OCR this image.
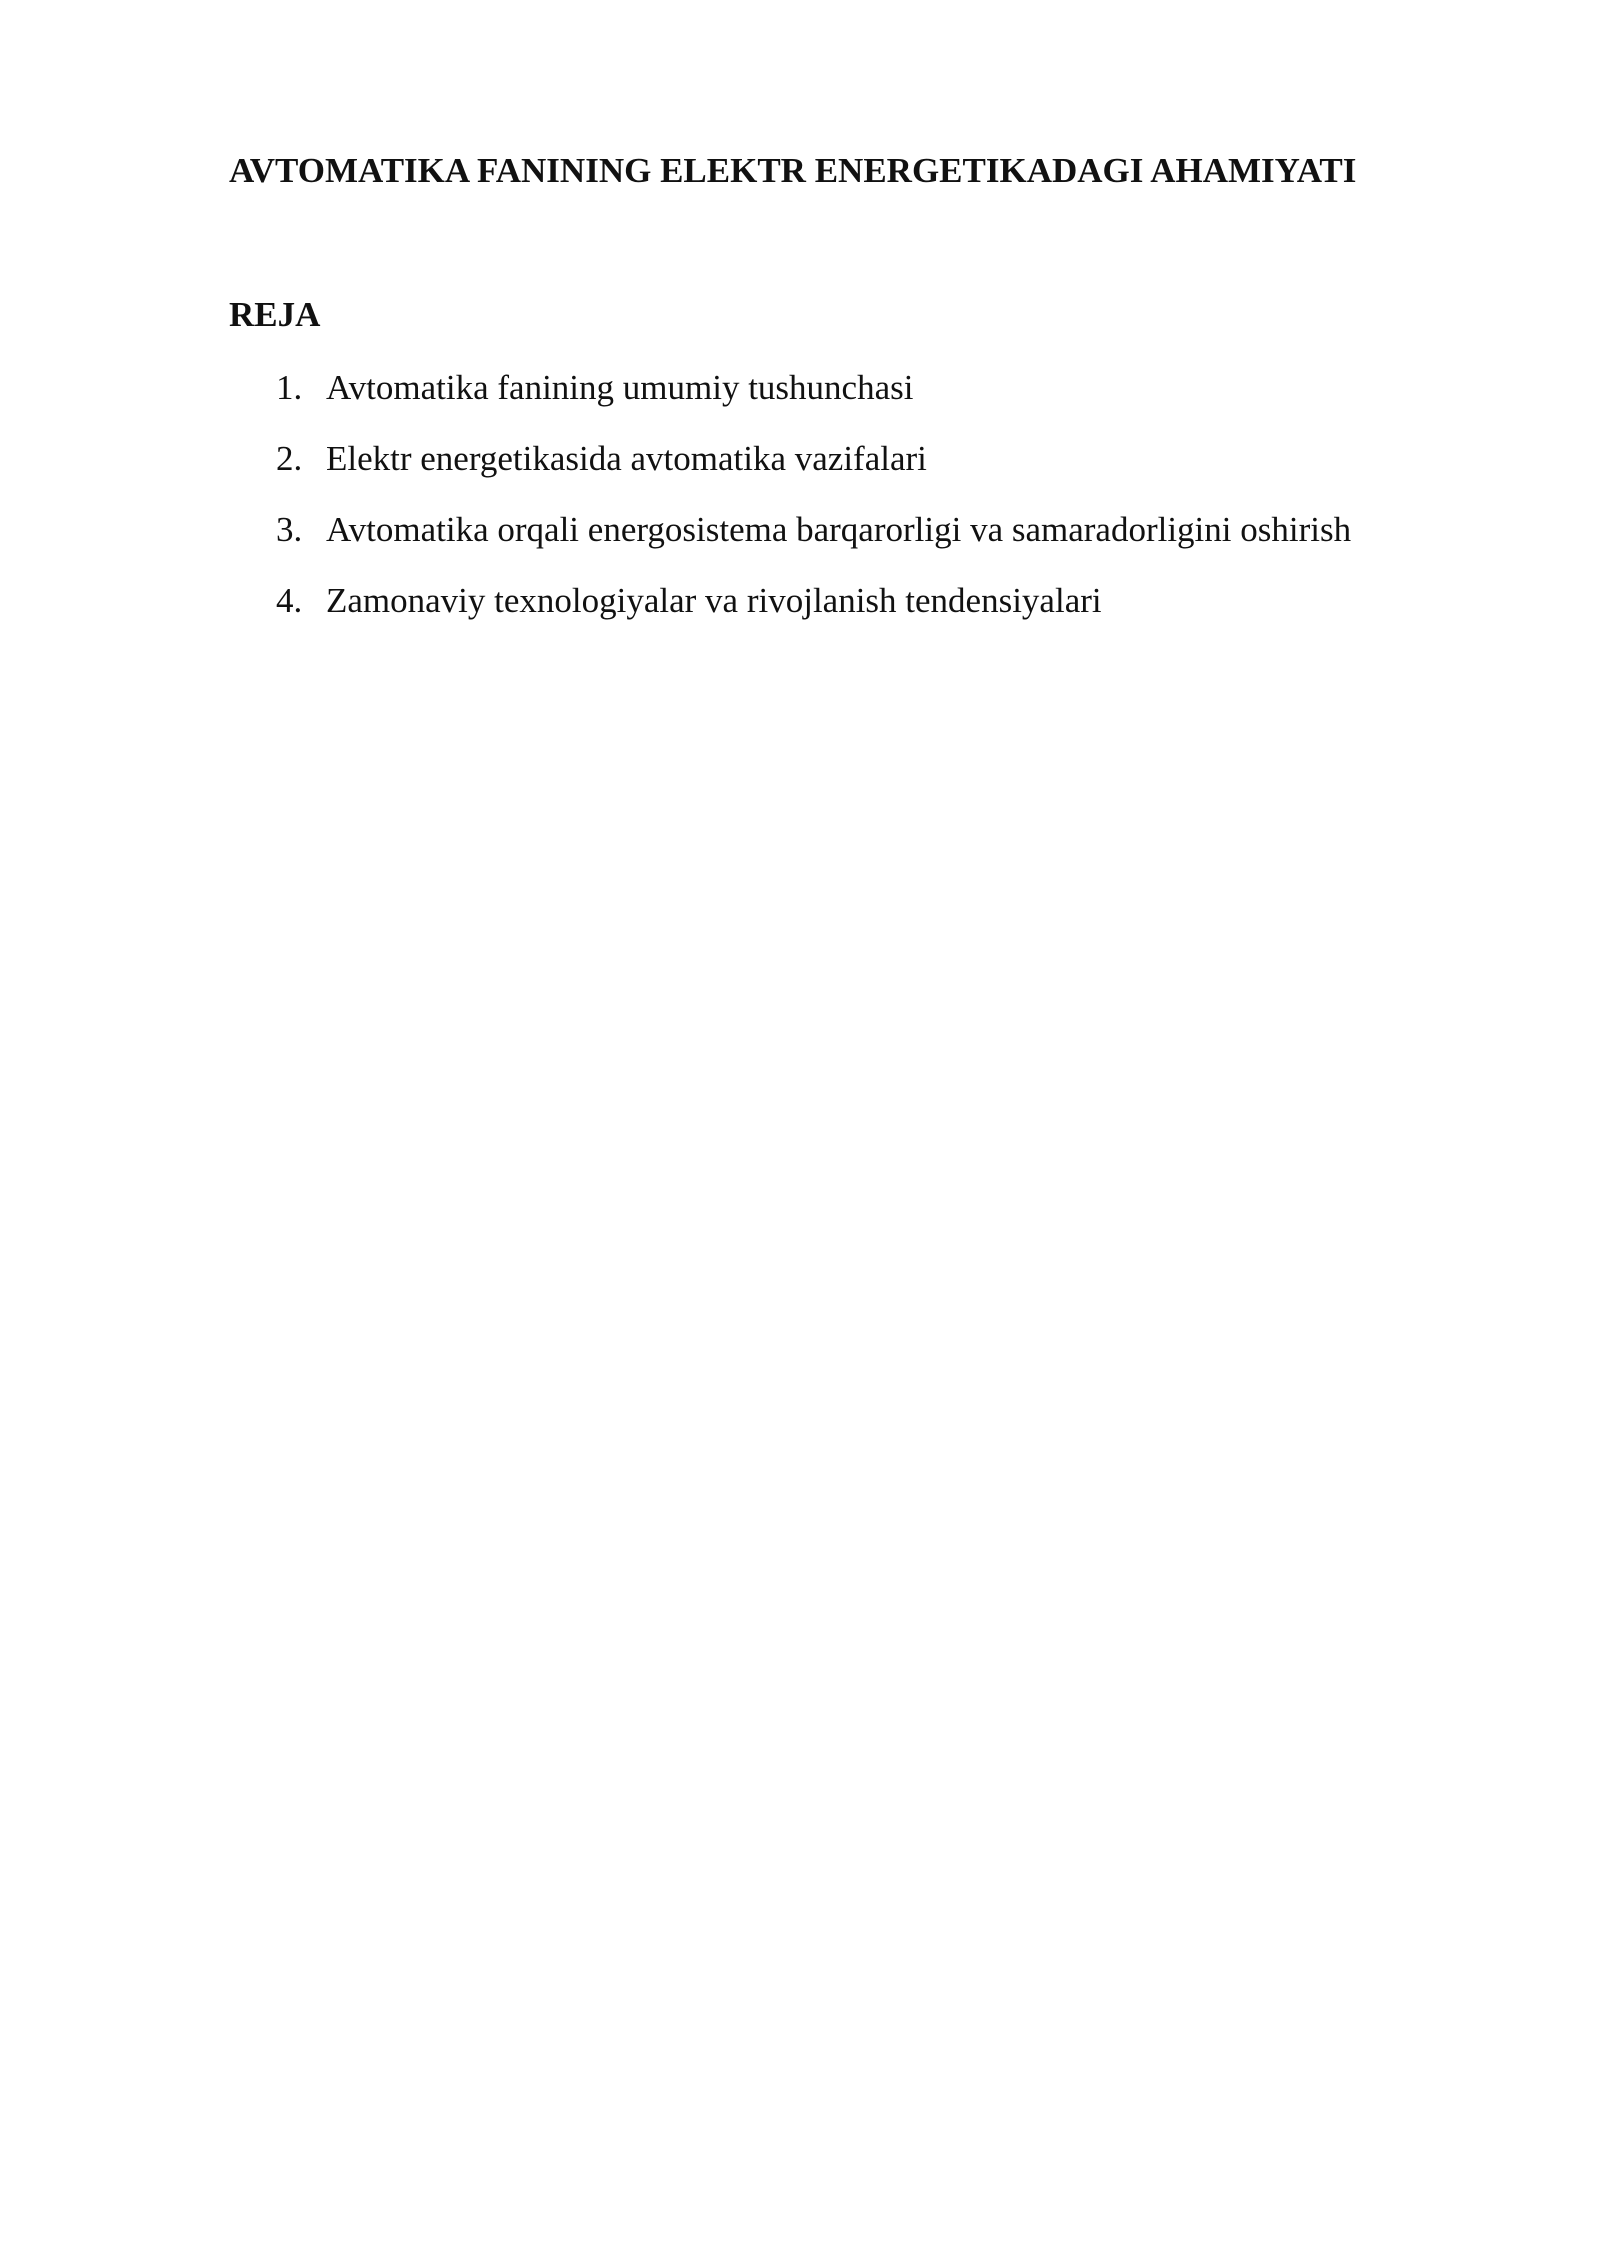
AVTOMATIKA FANINING ELEKTR ENERGETIKADAGI AHAMIYATI
REJA
1. Avtomatika fanining umumiy tushunchasi
2. Elektr energetikasida avtomatika vazifalari
3. Avtomatika orqali energosistema barqarorligi va samaradorligini oshirish
4. Zamonaviy texnologiyalar va rivojlanish tendensiyalari
